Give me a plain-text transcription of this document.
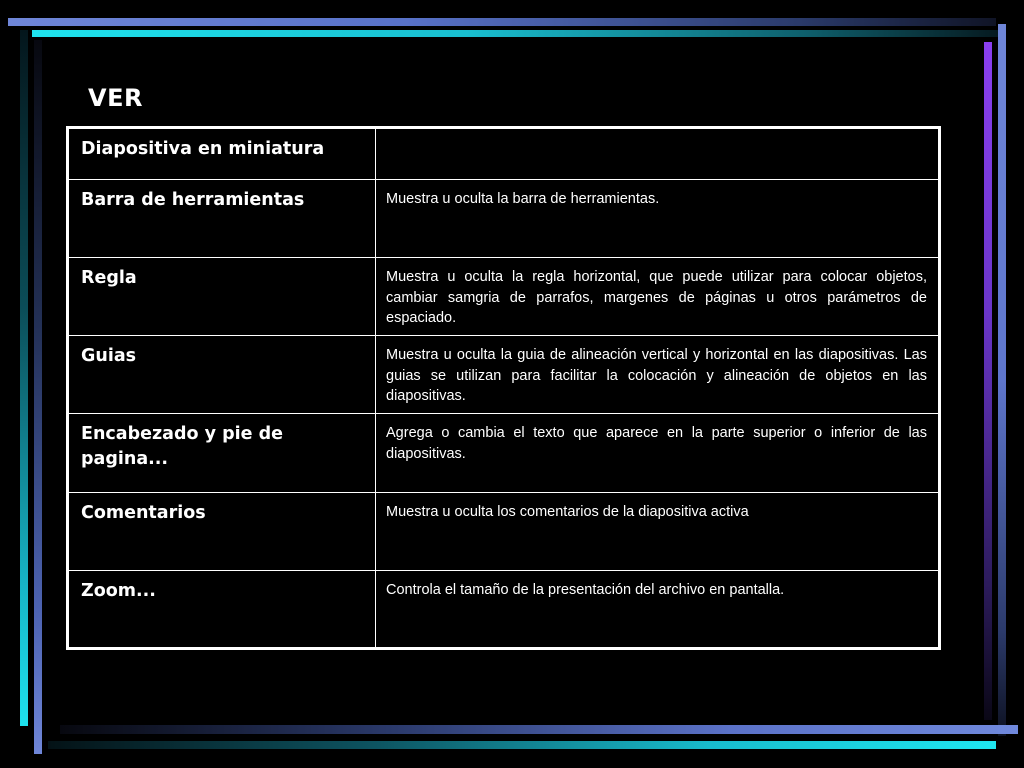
VER
Diapositiva en miniatura	
Barra de herramientas	Muestra u oculta la barra de herramientas.
Regla	Muestra u oculta la regla horizontal, que puede utilizar para colocar objetos, cambiar samgria de parrafos, margenes de páginas u otros parámetros de espaciado.
Guias	Muestra u oculta la guia de alineación vertical y horizontal en las diapositivas. Las guias se utilizan para facilitar la colocación y alineación de objetos en las diapositivas.
Encabezado y pie de pagina...	Agrega o cambia el texto que aparece en la parte superior o inferior de las diapositivas.
Comentarios	Muestra u oculta los comentarios de la diapositiva activa
Zoom...	Controla el tamaño de la presentación del archivo en pantalla.
